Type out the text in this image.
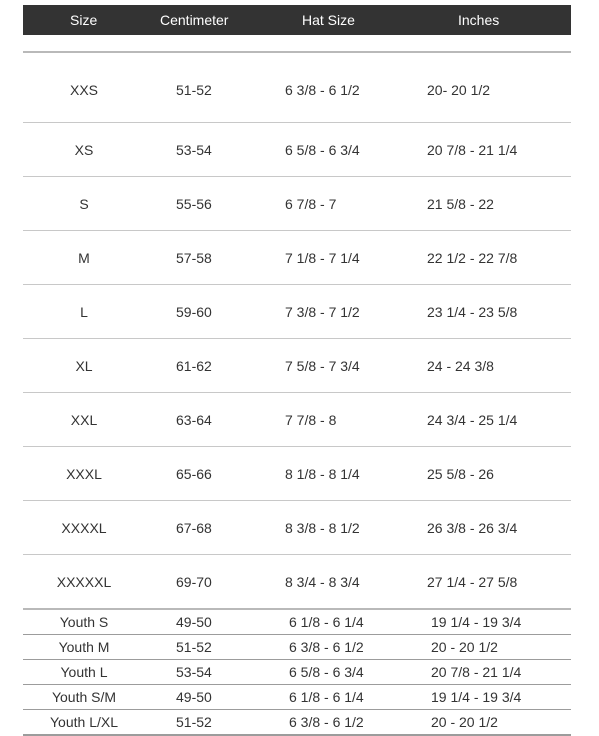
Size	Centimeter	Hat Size	Inches
XXS	51-52	6 3/8 - 6 1/2	20- 20 1/2
XS	53-54	6 5/8 - 6 3/4	20 7/8 - 21 1/4
S	55-56	6 7/8 - 7	21 5/8 - 22
M	57-58	7 1/8 - 7 1/4	22 1/2 - 22 7/8
L	59-60	7 3/8 - 7 1/2	23 1/4 - 23 5/8
XL	61-62	7 5/8 - 7 3/4	24 - 24 3/8
XXL	63-64	7 7/8 - 8	24 3/4 - 25 1/4
XXXL	65-66	8 1/8 - 8 1/4	25 5/8 - 26
XXXXL	67-68	8 3/8 - 8 1/2	26 3/8 - 26 3/4
XXXXXL	69-70	8 3/4 - 8 3/4	27 1/4 - 27 5/8
Youth S	49-50	6 1/8 - 6 1/4	19 1/4 - 19 3/4
Youth M	51-52	6 3/8 - 6 1/2	20 - 20 1/2
Youth L	53-54	6 5/8 - 6 3/4	20 7/8 - 21 1/4
Youth S/M	49-50	6 1/8 - 6 1/4	19 1/4 - 19 3/4
Youth L/XL	51-52	6 3/8 - 6 1/2	20 - 20 1/2
